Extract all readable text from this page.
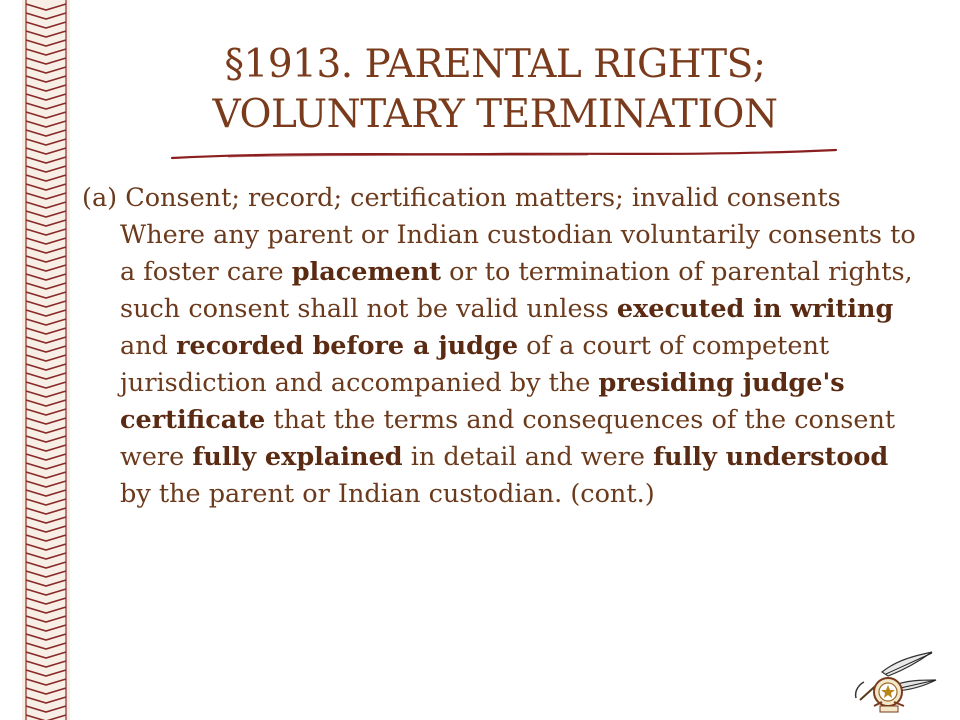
§1913. PARENTAL RIGHTS;
VOLUNTARY TERMINATION

(a) Consent; record; certification matters; invalid consents

Where any parent or Indian custodian voluntarily consents to a foster care placement or to termination of parental rights, such consent shall not be valid unless executed in writing and recorded before a judge of a court of competent jurisdiction and accompanied by the presiding judge's certificate that the terms and consequences of the consent were fully explained in detail and were fully understood by the parent or Indian custodian. (cont.)
